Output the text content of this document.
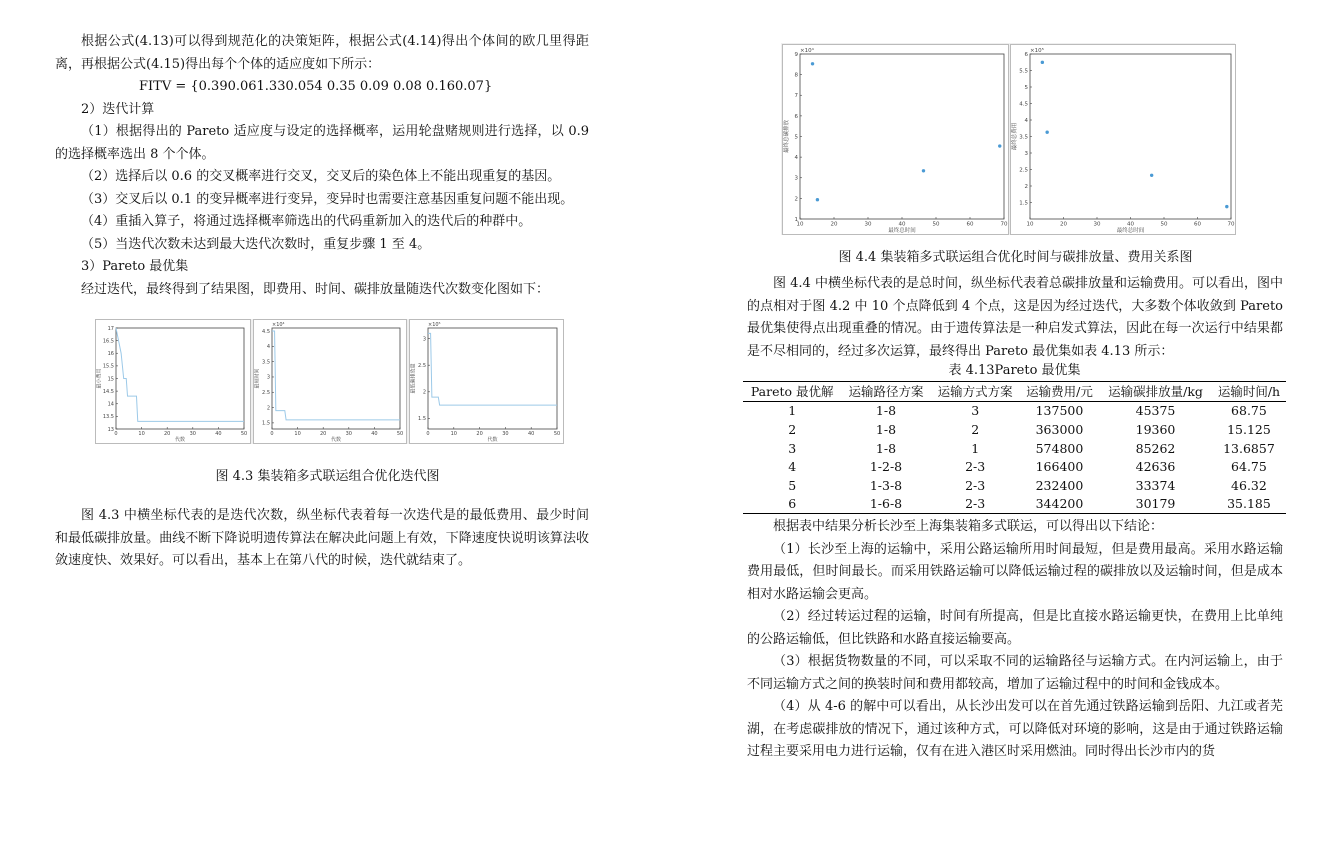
根据公式(4.13)可以得到规范化的决策矩阵，根据公式(4.14)得出个体间的欧几里得距离，再根据公式(4.15)得出每个个体的适应度如下所示：

FITV = {0.390.061.330.054 0.35 0.09 0.08 0.160.07}

2）迭代计算

（1）根据得出的 Pareto 适应度与设定的选择概率，运用轮盘赌规则进行选择，以 0.9 的选择概率选出 8 个个体。

（2）选择后以 0.6 的交叉概率进行交叉，交叉后的染色体上不能出现重复的基因。

（3）交叉后以 0.1 的变异概率进行变异，变异时也需要注意基因重复问题不能出现。

（4）重插入算子，将通过选择概率筛选出的代码重新加入的迭代后的种群中。

（5）当迭代次数未达到最大迭代次数时，重复步骤 1 至 4。

3）Pareto 最优集

经过迭代，最终得到了结果图，即费用、时间、碳排放量随迭代次数变化图如下：

0	10	20	30	40	50
13
13.5
14
14.5
15
15.5
16
16.5
17
代数
最小费用
0	10	20	30	40	50
1.5
2
2.5
3
3.5
4
4.5
×10⁴
代数
最短时间
0	10	20	30	40	50
1.5
2
2.5
3
×10⁵
代数
最低碳排放量
图 4.3 集装箱多式联运组合优化迭代图

图 4.3 中横坐标代表的是迭代次数，纵坐标代表着每一次迭代是的最低费用、最少时间和最低碳排放量。曲线不断下降说明遗传算法在解决此问题上有效，下降速度快说明该算法收敛速度快、效果好。可以看出，基本上在第八代的时候，迭代就结束了。

10	20	30	40	50	60	70
1
2
3
4
5
6
7
8
9
×10⁴
最终总时间
最终总碳排放
10	20	30	40	50	60	70
1.5
2
2.5
3
3.5
4
4.5
5
5.5
6
×10⁵
最终总时间
最终总费用
图 4.4 集装箱多式联运组合优化时间与碳排放量、费用关系图

图 4.4 中横坐标代表的是总时间，纵坐标代表着总碳排放量和运输费用。可以看出，图中的点相对于图 4.2 中 10 个点降低到 4 个点，这是因为经过迭代，大多数个体收敛到 Pareto 最优集使得点出现重叠的情况。由于遗传算法是一种启发式算法，因此在每一次运行中结果都是不尽相同的，经过多次运算，最终得出 Pareto 最优集如表 4.13 所示：

表 4.13Pareto 最优集
Pareto 最优解	运输路径方案	运输方式方案	运输费用/元	运输碳排放量/kg	运输时间/h
1	1-8	3	137500	45375	68.75
2	1-8	2	363000	19360	15.125
3	1-8	1	574800	85262	13.6857
4	1-2-8	2-3	166400	42636	64.75
5	1-3-8	2-3	232400	33374	46.32
6	1-6-8	2-3	344200	30179	35.185

根据表中结果分析长沙至上海集装箱多式联运，可以得出以下结论：

（1）长沙至上海的运输中，采用公路运输所用时间最短，但是费用最高。采用水路运输费用最低，但时间最长。而采用铁路运输可以降低运输过程的碳排放以及运输时间，但是成本相对水路运输会更高。

（2）经过转运过程的运输，时间有所提高，但是比直接水路运输更快，在费用上比单纯的公路运输低，但比铁路和水路直接运输要高。

（3）根据货物数量的不同，可以采取不同的运输路径与运输方式。在内河运输上，由于不同运输方式之间的换装时间和费用都较高，增加了运输过程中的时间和金钱成本。

（4）从 4-6 的解中可以看出，从长沙出发可以在首先通过铁路运输到岳阳、九江或者芜湖，在考虑碳排放的情况下，通过该种方式，可以降低对环境的影响，这是由于通过铁路运输过程主要采用电力进行运输，仅有在进入港区时采用燃油。同时得出长沙市内的货
